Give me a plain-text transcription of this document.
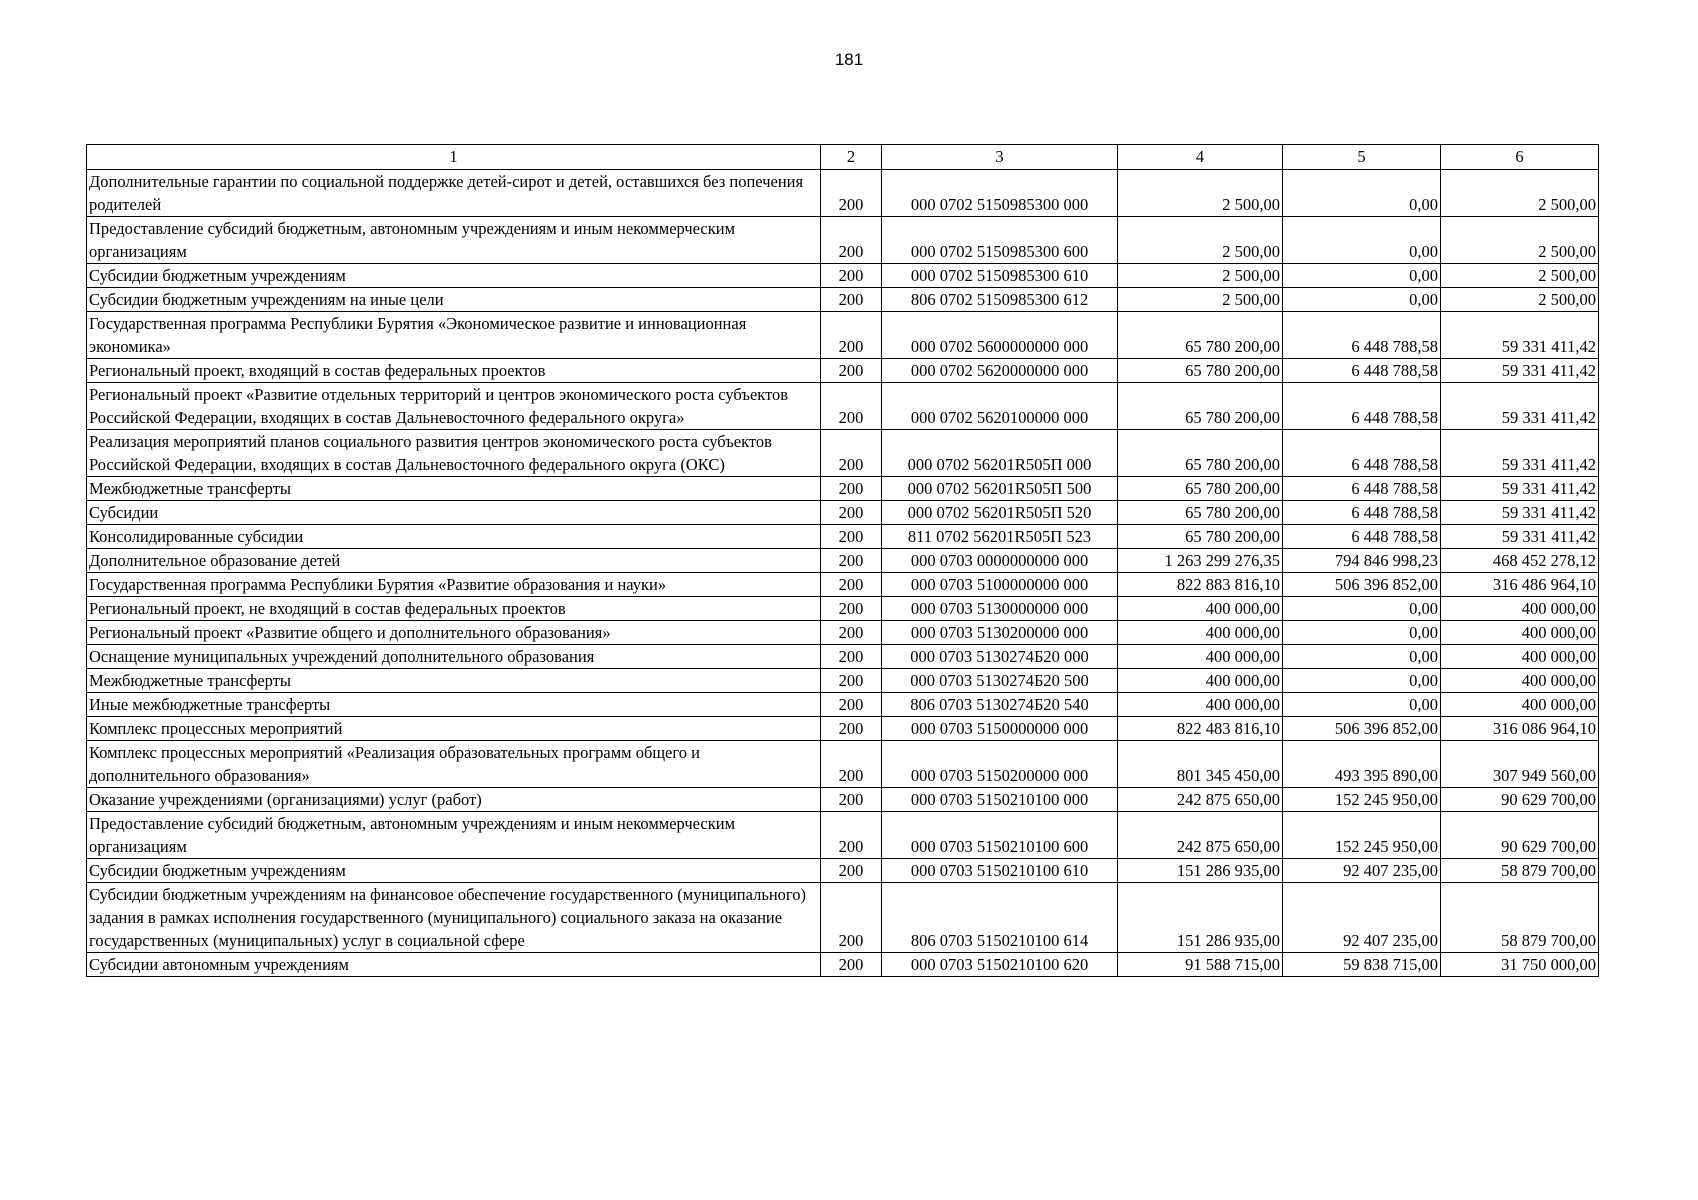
181
1	2	3	4	5	6
Дополнительные гарантии по социальной поддержке детей-сирот и детей, оставшихся без попечения родителей	200	000 0702 5150985300 000	2 500,00	0,00	2 500,00
Предоставление субсидий бюджетным, автономным учреждениям и иным некоммерческим организациям	200	000 0702 5150985300 600	2 500,00	0,00	2 500,00
Субсидии бюджетным учреждениям	200	000 0702 5150985300 610	2 500,00	0,00	2 500,00
Субсидии бюджетным учреждениям на иные цели	200	806 0702 5150985300 612	2 500,00	0,00	2 500,00
Государственная программа Республики Бурятия «Экономическое развитие и инновационная экономика»	200	000 0702 5600000000 000	65 780 200,00	6 448 788,58	59 331 411,42
Региональный проект, входящий в состав федеральных проектов	200	000 0702 5620000000 000	65 780 200,00	6 448 788,58	59 331 411,42
Региональный проект «Развитие отдельных территорий и центров экономического роста субъектов Российской Федерации, входящих в состав Дальневосточного федерального округа»	200	000 0702 5620100000 000	65 780 200,00	6 448 788,58	59 331 411,42
Реализация мероприятий планов социального развития центров экономического роста субъектов Российской Федерации, входящих в состав Дальневосточного федерального округа (ОКС)	200	000 0702 56201R505П 000	65 780 200,00	6 448 788,58	59 331 411,42
Межбюджетные трансферты	200	000 0702 56201R505П 500	65 780 200,00	6 448 788,58	59 331 411,42
Субсидии	200	000 0702 56201R505П 520	65 780 200,00	6 448 788,58	59 331 411,42
Консолидированные субсидии	200	811 0702 56201R505П 523	65 780 200,00	6 448 788,58	59 331 411,42
Дополнительное образование детей	200	000 0703 0000000000 000	1 263 299 276,35	794 846 998,23	468 452 278,12
Государственная программа Республики Бурятия «Развитие образования и науки»	200	000 0703 5100000000 000	822 883 816,10	506 396 852,00	316 486 964,10
Региональный проект, не входящий в состав федеральных проектов	200	000 0703 5130000000 000	400 000,00	0,00	400 000,00
Региональный проект «Развитие общего и дополнительного образования»	200	000 0703 5130200000 000	400 000,00	0,00	400 000,00
Оснащение муниципальных учреждений дополнительного образования	200	000 0703 5130274Б20 000	400 000,00	0,00	400 000,00
Межбюджетные трансферты	200	000 0703 5130274Б20 500	400 000,00	0,00	400 000,00
Иные межбюджетные трансферты	200	806 0703 5130274Б20 540	400 000,00	0,00	400 000,00
Комплекс процессных мероприятий	200	000 0703 5150000000 000	822 483 816,10	506 396 852,00	316 086 964,10
Комплекс процессных мероприятий «Реализация образовательных программ общего и дополнительного образования»	200	000 0703 5150200000 000	801 345 450,00	493 395 890,00	307 949 560,00
Оказание учреждениями (организациями) услуг (работ)	200	000 0703 5150210100 000	242 875 650,00	152 245 950,00	90 629 700,00
Предоставление субсидий бюджетным, автономным учреждениям и иным некоммерческим организациям	200	000 0703 5150210100 600	242 875 650,00	152 245 950,00	90 629 700,00
Субсидии бюджетным учреждениям	200	000 0703 5150210100 610	151 286 935,00	92 407 235,00	58 879 700,00
Субсидии бюджетным учреждениям на финансовое обеспечение государственного (муниципального) задания в рамках исполнения государственного (муниципального) социального заказа на оказание государственных (муниципальных) услуг в социальной сфере	200	806 0703 5150210100 614	151 286 935,00	92 407 235,00	58 879 700,00
Субсидии автономным учреждениям	200	000 0703 5150210100 620	91 588 715,00	59 838 715,00	31 750 000,00
